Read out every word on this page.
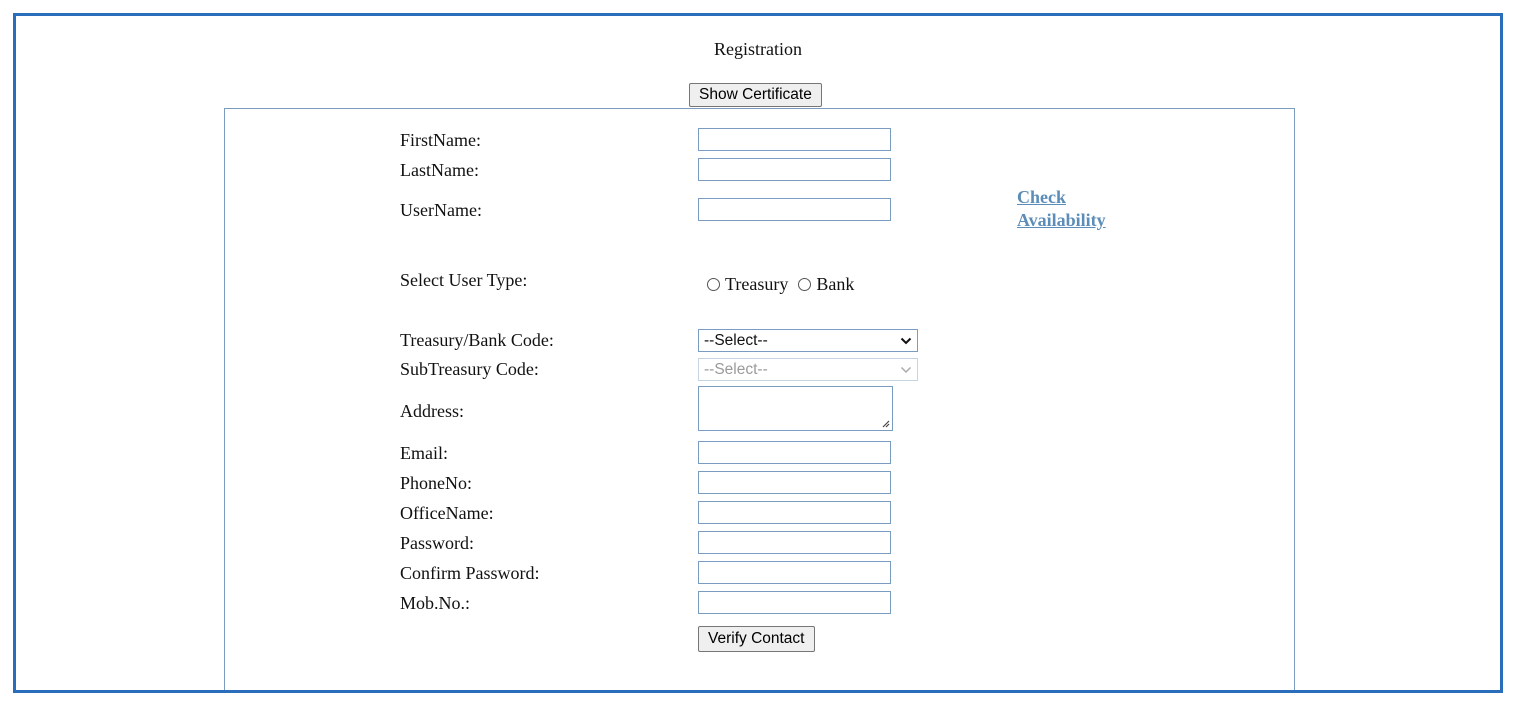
Registration
Show Certificate
FirstName:
LastName:
UserName:
Check Availability
Select User Type:	Treasury Bank
Treasury/Bank Code:	--Select--
SubTreasury Code:	--Select--
Address:
Email:
PhoneNo:
OfficeName:
Password:
Confirm Password:
Mob.No.:
Verify Contact
